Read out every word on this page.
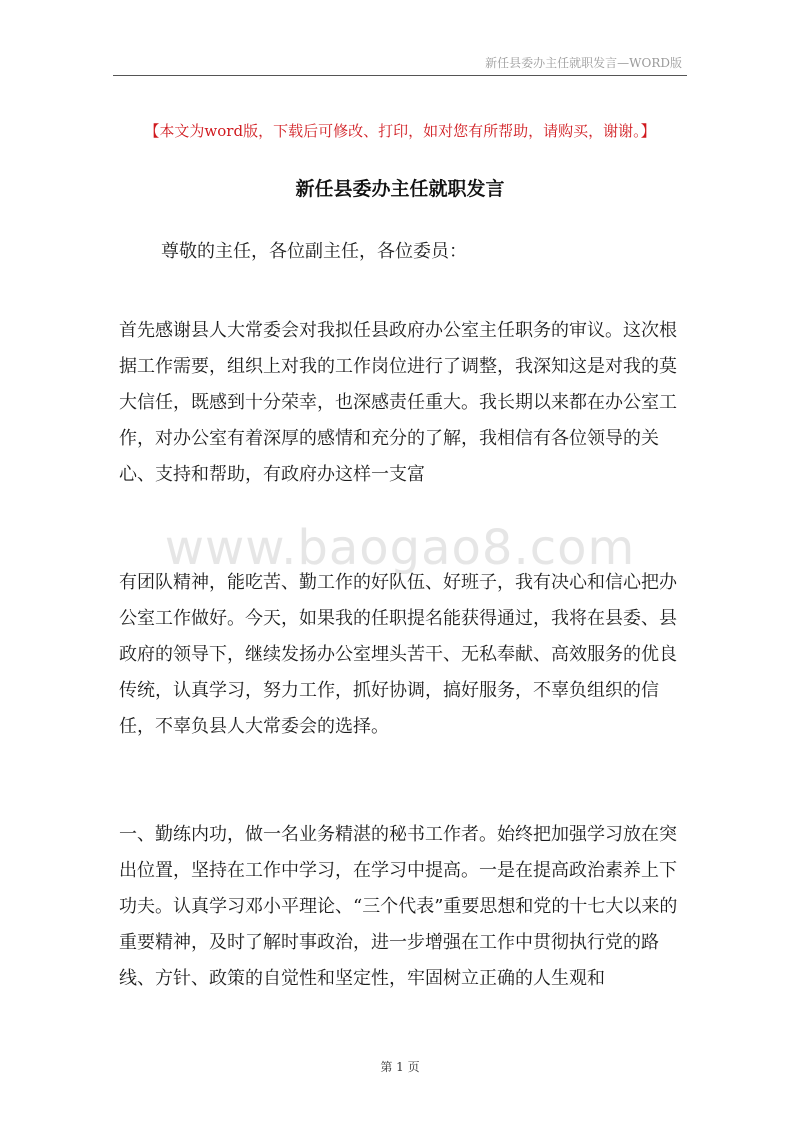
新任县委办主任就职发言—WORD版
【本文为word版，下载后可修改、打印，如对您有所帮助，请购买，谢谢。】
新任县委办主任就职发言
尊敬的主任，各位副主任，各位委员：
首先感谢县人大常委会对我拟任县政府办公室主任职务的审议。这次根据工作需要，组织上对我的工作岗位进行了调整，我深知这是对我的莫大信任，既感到十分荣幸，也深感责任重大。我长期以来都在办公室工作，对办公室有着深厚的感情和充分的了解，我相信有各位领导的关心、支持和帮助，有政府办这样一支富
www.baogao8.com
有团队精神，能吃苦、勤工作的好队伍、好班子，我有决心和信心把办公室工作做好。今天，如果我的任职提名能获得通过，我将在县委、县政府的领导下，继续发扬办公室埋头苦干、无私奉献、高效服务的优良传统，认真学习，努力工作，抓好协调，搞好服务，不辜负组织的信任，不辜负县人大常委会的选择。
一、勤练内功，做一名业务精湛的秘书工作者。始终把加强学习放在突出位置，坚持在工作中学习，在学习中提高。一是在提高政治素养上下功夫。认真学习邓小平理论、“三个代表”重要思想和党的十七大以来的重要精神，及时了解时事政治，进一步增强在工作中贯彻执行党的路线、方针、政策的自觉性和坚定性，牢固树立正确的人生观和
第 1 页
